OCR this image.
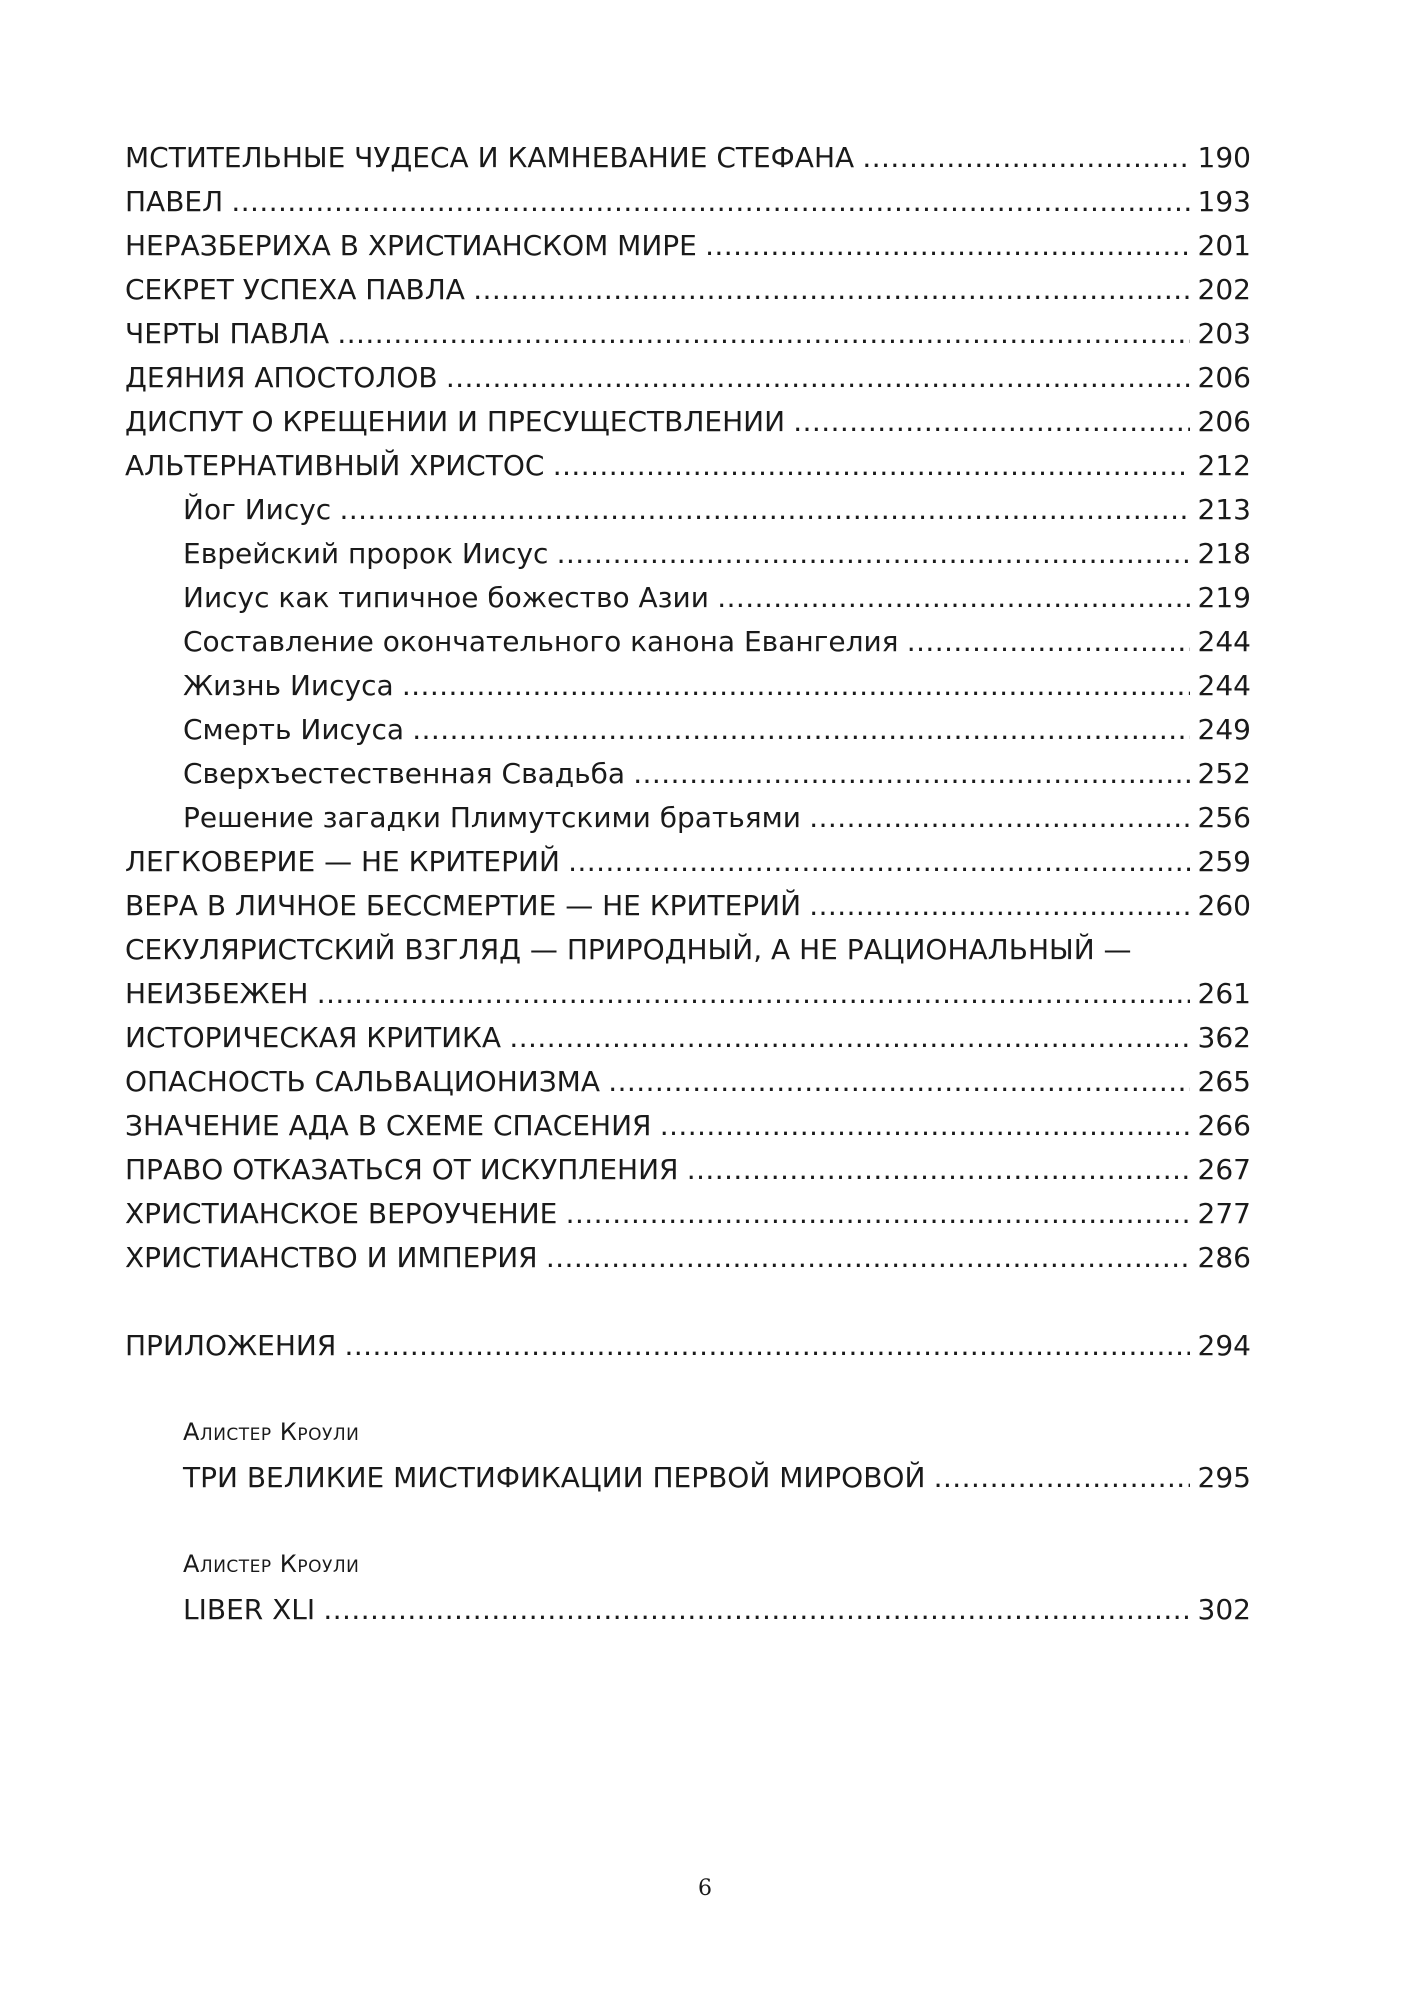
МСТИТЕЛЬНЫЕ ЧУДЕСА И КАМНЕВАНИЕ СТЕФАНА …………………………………………………………………………………………………………………………………………………………………………………………………………………………………………………………	190
ПАВЕЛ …………………………………………………………………………………………………………………………………………………………………………………………………………………………………………………………	193
НЕРАЗБЕРИХА В ХРИСТИАНСКОМ МИРЕ …………………………………………………………………………………………………………………………………………………………………………………………………………………………………………………………	201
СЕКРЕТ УСПЕХА ПАВЛА …………………………………………………………………………………………………………………………………………………………………………………………………………………………………………………………	202
ЧЕРТЫ ПАВЛА …………………………………………………………………………………………………………………………………………………………………………………………………………………………………………………………	203
ДЕЯНИЯ АПОСТОЛОВ …………………………………………………………………………………………………………………………………………………………………………………………………………………………………………………………	206
ДИСПУТ О КРЕЩЕНИИ И ПРЕСУЩЕСТВЛЕНИИ …………………………………………………………………………………………………………………………………………………………………………………………………………………………………………………………	206
АЛЬТЕРНАТИВНЫЙ ХРИСТОС …………………………………………………………………………………………………………………………………………………………………………………………………………………………………………………………	212
Йог Иисус …………………………………………………………………………………………………………………………………………………………………………………………………………………………………………………………	213
Еврейский пророк Иисус …………………………………………………………………………………………………………………………………………………………………………………………………………………………………………………………	218
Иисус как типичное божество Азии …………………………………………………………………………………………………………………………………………………………………………………………………………………………………………………………	219
Составление окончательного канона Евангелия …………………………………………………………………………………………………………………………………………………………………………………………………………………………………………………………	244
Жизнь Иисуса …………………………………………………………………………………………………………………………………………………………………………………………………………………………………………………………	244
Смерть Иисуса …………………………………………………………………………………………………………………………………………………………………………………………………………………………………………………………	249
Сверхъестественная Свадьба …………………………………………………………………………………………………………………………………………………………………………………………………………………………………………………………	252
Решение загадки Плимутскими братьями …………………………………………………………………………………………………………………………………………………………………………………………………………………………………………………………	256
ЛЕГКОВЕРИЕ — НЕ КРИТЕРИЙ …………………………………………………………………………………………………………………………………………………………………………………………………………………………………………………………	259
ВЕРА В ЛИЧНОЕ БЕССМЕРТИЕ — НЕ КРИТЕРИЙ …………………………………………………………………………………………………………………………………………………………………………………………………………………………………………………………	260
СЕКУЛЯРИСТСКИЙ ВЗГЛЯД — ПРИРОДНЫЙ, А НЕ РАЦИОНАЛЬНЫЙ —
НЕИЗБЕЖЕН …………………………………………………………………………………………………………………………………………………………………………………………………………………………………………………………	261
ИСТОРИЧЕСКАЯ КРИТИКА …………………………………………………………………………………………………………………………………………………………………………………………………………………………………………………………	362
ОПАСНОСТЬ САЛЬВАЦИОНИЗМА …………………………………………………………………………………………………………………………………………………………………………………………………………………………………………………………	265
ЗНАЧЕНИЕ АДА В СХЕМЕ СПАСЕНИЯ …………………………………………………………………………………………………………………………………………………………………………………………………………………………………………………………	266
ПРАВО ОТКАЗАТЬСЯ ОТ ИСКУПЛЕНИЯ …………………………………………………………………………………………………………………………………………………………………………………………………………………………………………………………	267
ХРИСТИАНСКОЕ ВЕРОУЧЕНИЕ …………………………………………………………………………………………………………………………………………………………………………………………………………………………………………………………	277
ХРИСТИАНСТВО И ИМПЕРИЯ …………………………………………………………………………………………………………………………………………………………………………………………………………………………………………………………	286
ПРИЛОЖЕНИЯ …………………………………………………………………………………………………………………………………………………………………………………………………………………………………………………………	294
Алистер Кроули
ТРИ ВЕЛИКИЕ МИСТИФИКАЦИИ ПЕРВОЙ МИРОВОЙ …………………………………………………………………………………………………………………………………………………………………………………………………………………………………………………………	295
Алистер Кроули
LIBER XLI …………………………………………………………………………………………………………………………………………………………………………………………………………………………………………………………	302
6
